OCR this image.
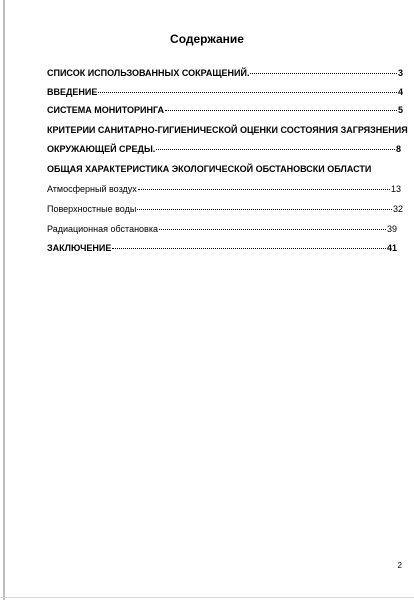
Содержание
СПИСОК ИСПОЛЬЗОВАННЫХ СОКРАЩЕНИЙ.	3
ВВЕДЕНИЕ	4
СИСТЕМА МОНИТОРИНГА	5
КРИТЕРИИ САНИТАРНО-ГИГИЕНИЧЕСКОЙ ОЦЕНКИ СОСТОЯНИЯ ЗАГРЯЗНЕНИЯ
ОКРУЖАЮЩЕЙ СРЕДЫ.	8
ОБЩАЯ ХАРАКТЕРИСТИКА ЭКОЛОГИЧЕСКОЙ ОБСТАНОВСКИ ОБЛАСТИ
Атмосферный воздух	13
Поверхностные воды	32
Радиационная обстановка	39
ЗАКЛЮЧЕНИЕ	41
2
